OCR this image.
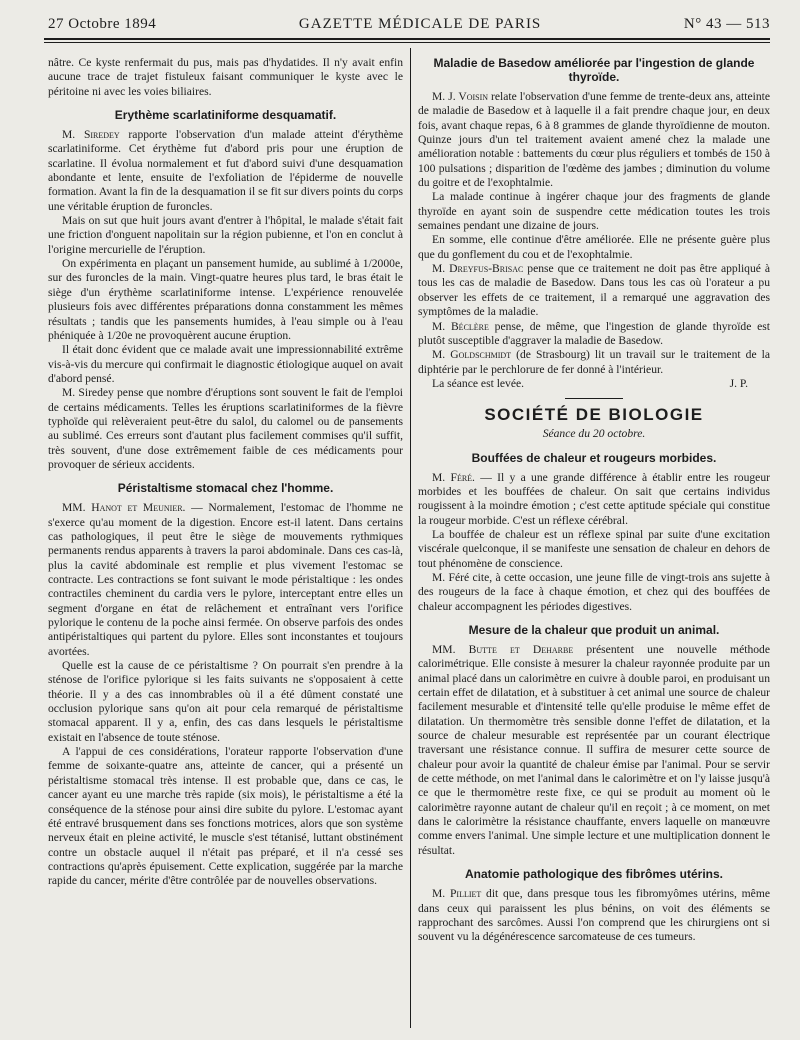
27 Octobre 1894	GAZETTE MÉDICALE DE PARIS	N° 43 — 513

nâtre. Ce kyste renfermait du pus, mais pas d'hydatides. Il n'y avait enfin aucune trace de trajet fistuleux faisant communiquer le kyste avec le péritoine ni avec les voies biliaires.

Erythème scarlatiniforme desquamatif.

M. Siredey rapporte l'observation d'un malade atteint d'érythème scarlatiniforme. Cet érythème fut d'abord pris pour une éruption de scarlatine. Il évolua normalement et fut d'abord suivi d'une desquamation abondante et lente, ensuite de l'exfoliation de l'épiderme de nouvelle formation. Avant la fin de la desquamation il se fit sur divers points du corps une véritable éruption de furoncles.

Mais on sut que huit jours avant d'entrer à l'hôpital, le malade s'était fait une friction d'onguent napolitain sur la région pubienne, et l'on en conclut à l'origine mercurielle de l'éruption.

On expérimenta en plaçant un pansement humide, au sublimé à 1/2000e, sur des furoncles de la main. Vingt-quatre heures plus tard, le bras était le siège d'un érythème scarlatiniforme intense. L'expérience renouvelée plusieurs fois avec différentes préparations donna constamment les mêmes résultats ; tandis que les pansements humides, à l'eau simple ou à l'eau phéniquée à 1/20e ne provoquèrent aucune éruption.

Il était donc évident que ce malade avait une impressionnabilité extrême vis-à-vis du mercure qui confirmait le diagnostic étiologique auquel on avait d'abord pensé.

M. Siredey pense que nombre d'éruptions sont souvent le fait de l'emploi de certains médicaments. Telles les éruptions scarlatiniformes de la fièvre typhoïde qui relèveraient peut-être du salol, du calomel ou de pansements au sublimé. Ces erreurs sont d'autant plus facilement commises qu'il suffit, très souvent, d'une dose extrêmement faible de ces médicaments pour provoquer de sérieux accidents.

Péristaltisme stomacal chez l'homme.

MM. Hanot et Meunier. — Normalement, l'estomac de l'homme ne s'exerce qu'au moment de la digestion. Encore est-il latent. Dans certains cas pathologiques, il peut être le siège de mouvements rythmiques permanents rendus apparents à travers la paroi abdominale. Dans ces cas-là, plus la cavité abdominale est remplie et plus vivement l'estomac se contracte. Les contractions se font suivant le mode péristaltique : les ondes contractiles cheminent du cardia vers le pylore, interceptant entre elles un segment d'organe en état de relâchement et entraînant vers l'orifice pylorique le contenu de la poche ainsi fermée. On observe parfois des ondes antipéristaltiques qui partent du pylore. Elles sont inconstantes et toujours avortées.

Quelle est la cause de ce péristaltisme ? On pourrait s'en prendre à la sténose de l'orifice pylorique si les faits suivants ne s'opposaient à cette théorie. Il y a des cas innombrables où il a été dûment constaté une occlusion pylorique sans qu'on ait pour cela remarqué de péristaltisme stomacal apparent. Il y a, enfin, des cas dans lesquels le péristaltisme existait en l'absence de toute sténose.

A l'appui de ces considérations, l'orateur rapporte l'observation d'une femme de soixante-quatre ans, atteinte de cancer, qui a présenté un péristaltisme stomacal très intense. Il est probable que, dans ce cas, le cancer ayant eu une marche très rapide (six mois), le péristaltisme a été la conséquence de la sténose pour ainsi dire subite du pylore. L'estomac ayant été entravé brusquement dans ses fonctions motrices, alors que son système nerveux était en pleine activité, le muscle s'est tétanisé, luttant obstinément contre un obstacle auquel il n'était pas préparé, et il n'a cessé ses contractions qu'après épuisement. Cette explication, suggérée par la marche rapide du cancer, mérite d'être contrôlée par de nouvelles observations.

Maladie de Basedow améliorée par l'ingestion de glande thyroïde.

M. J. Voisin relate l'observation d'une femme de trente-deux ans, atteinte de maladie de Basedow et à laquelle il a fait prendre chaque jour, en deux fois, avant chaque repas, 6 à 8 grammes de glande thyroïdienne de mouton. Quinze jours d'un tel traitement avaient amené chez la malade une amélioration notable : battements du cœur plus réguliers et tombés de 150 à 100 pulsations ; disparition de l'œdème des jambes ; diminution du volume du goitre et de l'exophtalmie.

La malade continue à ingérer chaque jour des fragments de glande thyroïde en ayant soin de suspendre cette médication toutes les trois semaines pendant une dizaine de jours.

En somme, elle continue d'être améliorée. Elle ne présente guère plus que du gonflement du cou et de l'exophtalmie.

M. Dreyfus-Brisac pense que ce traitement ne doit pas être appliqué à tous les cas de maladie de Basedow. Dans tous les cas où l'orateur a pu observer les effets de ce traitement, il a remarqué une aggravation des symptômes de la maladie.

M. Béclère pense, de même, que l'ingestion de glande thyroïde est plutôt susceptible d'aggraver la maladie de Basedow.

M. Goldschmidt (de Strasbourg) lit un travail sur le traitement de la diphtérie par le perchlorure de fer donné à l'intérieur.

La séance est levée.	J. P.
SOCIÉTÉ DE BIOLOGIE
Séance du 20 octobre.
Bouffées de chaleur et rougeurs morbides.

M. Féré. — Il y a une grande différence à établir entre les rougeur morbides et les bouffées de chaleur. On sait que certains individus rougissent à la moindre émotion ; c'est cette aptitude spéciale qui constitue la rougeur morbide. C'est un réflexe cérébral.

La bouffée de chaleur est un réflexe spinal par suite d'une excitation viscérale quelconque, il se manifeste une sensation de chaleur en dehors de tout phénomène de conscience.

M. Féré cite, à cette occasion, une jeune fille de vingt-trois ans sujette à des rougeurs de la face à chaque émotion, et chez qui des bouffées de chaleur accompagnent les périodes digestives.

Mesure de la chaleur que produit un animal.

MM. Butte et Deharbe présentent une nouvelle méthode calorimétrique. Elle consiste à mesurer la chaleur rayonnée produite par un animal placé dans un calorimètre en cuivre à double paroi, en produisant un certain effet de dilatation, et à substituer à cet animal une source de chaleur facilement mesurable et d'intensité telle qu'elle produise le même effet de dilatation. Un thermomètre très sensible donne l'effet de dilatation, et la source de chaleur mesurable est représentée par un courant électrique traversant une résistance connue. Il suffira de mesurer cette source de chaleur pour avoir la quantité de chaleur émise par l'animal. Pour se servir de cette méthode, on met l'animal dans le calorimètre et on l'y laisse jusqu'à ce que le thermomètre reste fixe, ce qui se produit au moment où le calorimètre rayonne autant de chaleur qu'il en reçoit ; à ce moment, on met dans le calorimètre la résistance chauffante, envers laquelle on manœuvre comme envers l'animal. Une simple lecture et une multiplication donnent le résultat.

Anatomie pathologique des fibrômes utérins.

M. Pilliet dit que, dans presque tous les fibromyômes utérins, même dans ceux qui paraissent les plus bénins, on voit des éléments se rapprochant des sarcômes. Aussi l'on comprend que les chirurgiens ont si souvent vu la dégénérescence sarcomateuse de ces tumeurs.
